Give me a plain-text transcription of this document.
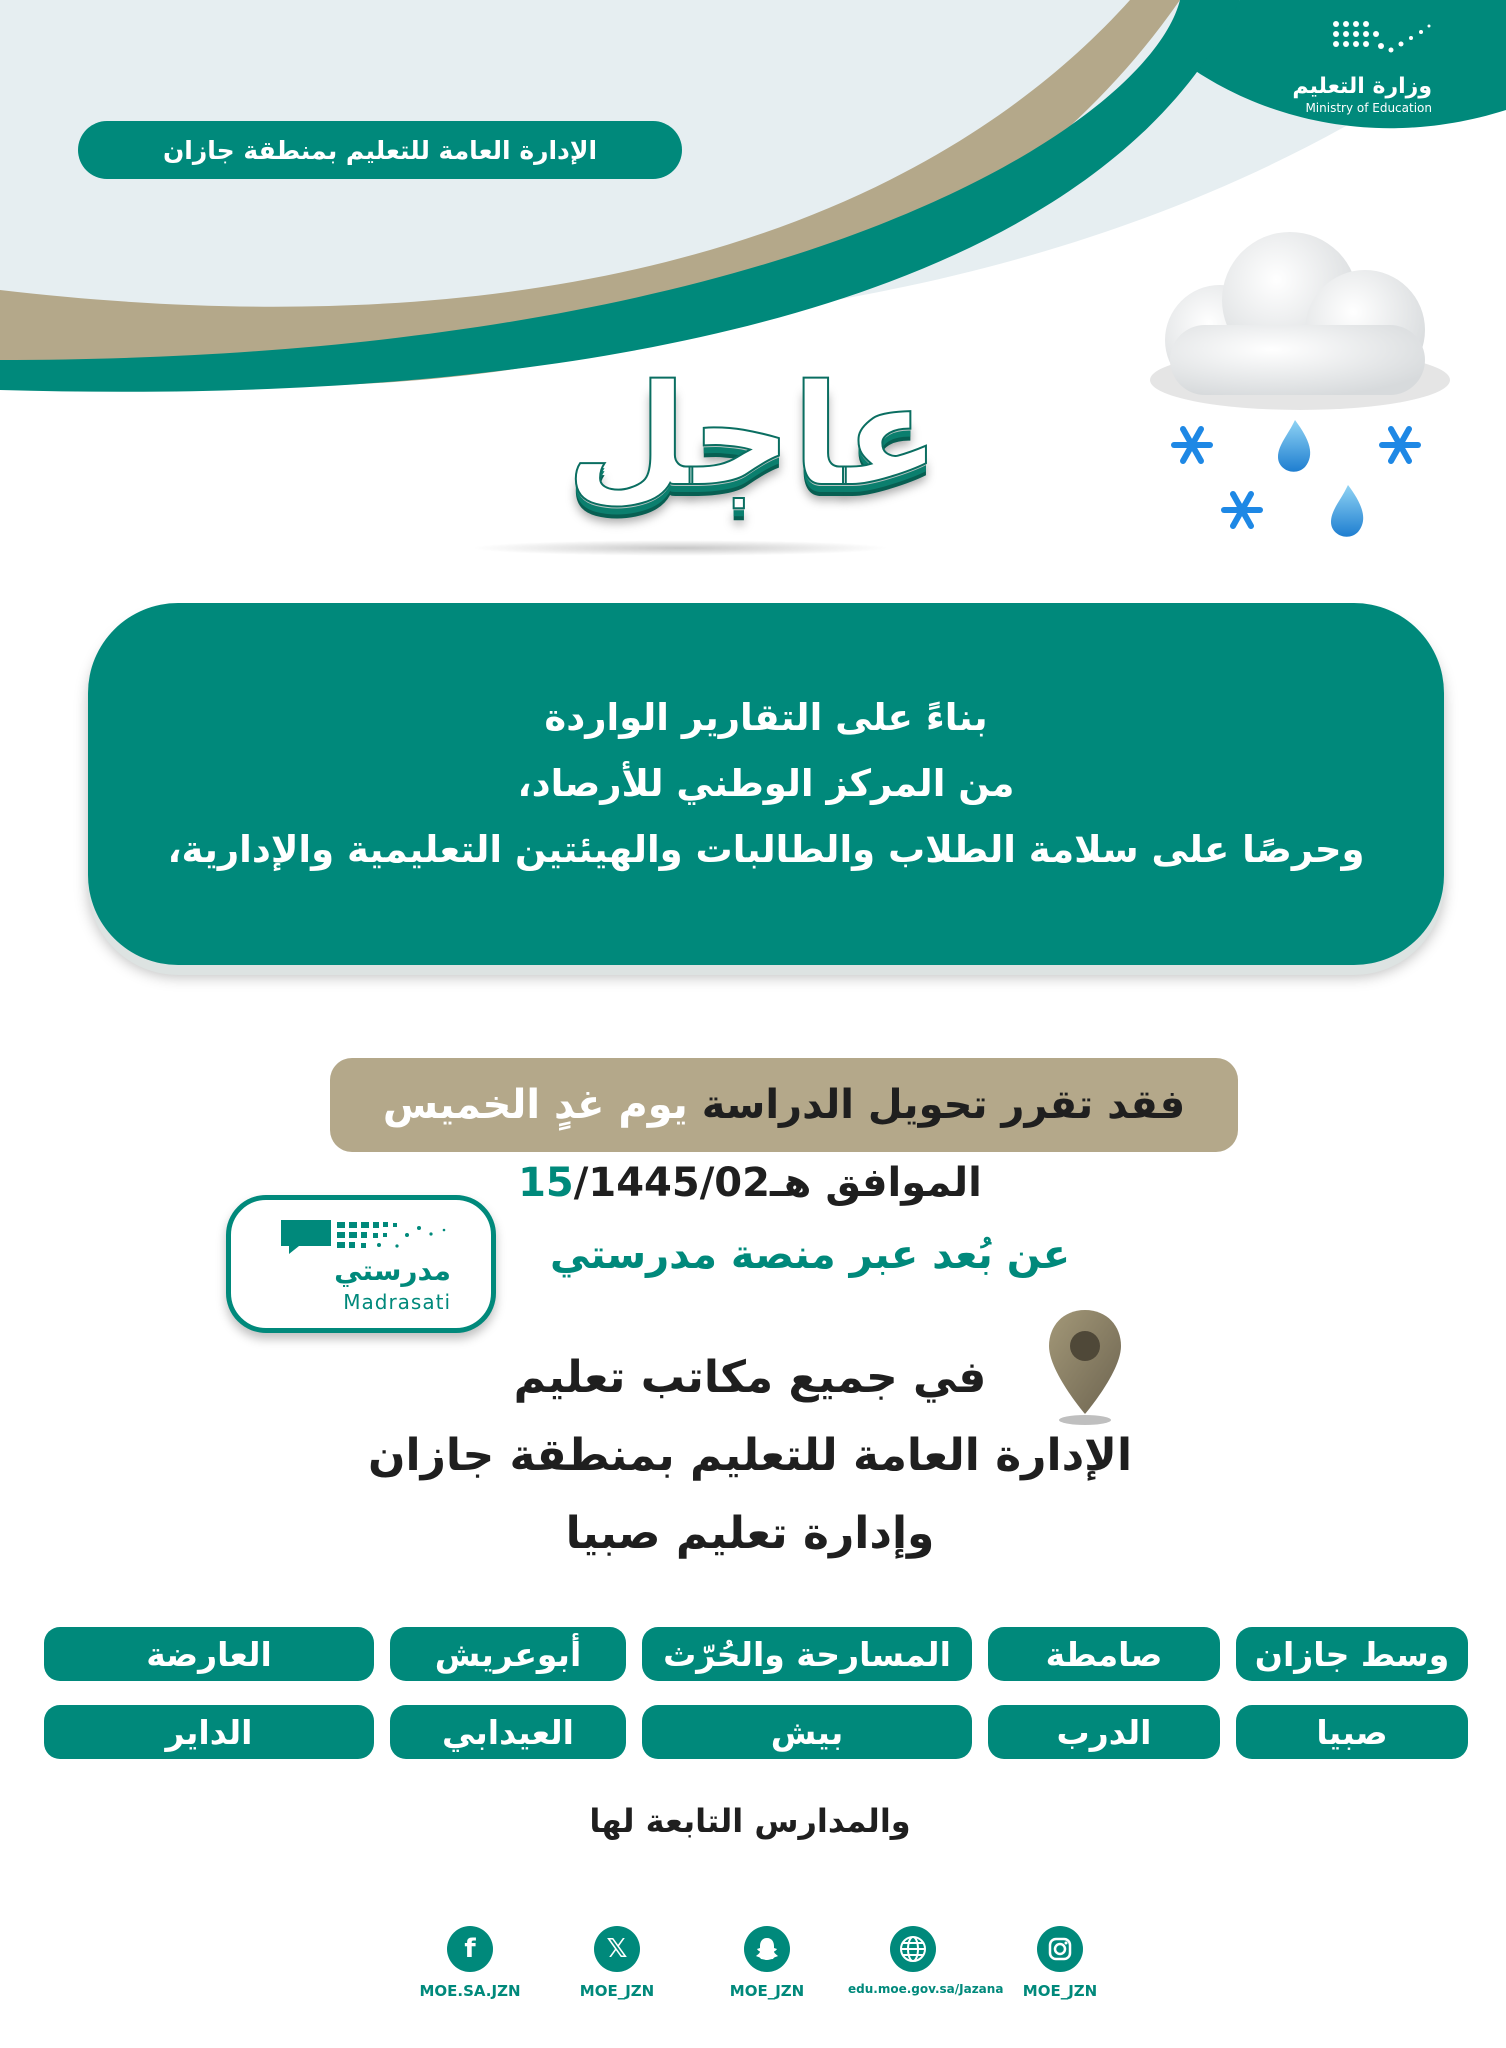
وزارة التعليم
Ministry of Education
الإدارة العامة للتعليم بمنطقة جازان
عاجل
بناءً على التقارير الواردة
من المركز الوطني للأرصاد،
وحرصًا على سلامة الطلاب والطالبات والهيئتين التعليمية والإدارية،
فقد تقرر تحويل الدراسة

يوم غدٍ الخميس
الموافق 15/1445/02هـ
عن بُعد عبر منصة مدرستي
مدرستي
Madrasati
في جميع مكاتب تعليم
الإدارة العامة للتعليم بمنطقة جازان
وإدارة تعليم صبيا
وسط جازان
صامطة
المسارحة والحُرّث
أبوعريش
العارضة
صبيا
الدرب
بيش
العيدابي
الداير
والمدارس التابعة لها
f
MOE.SA.JZN
𝕏
MOE_JZN	MOE_JZN	edu.moe.gov.sa/Jazana	MOE_JZN
